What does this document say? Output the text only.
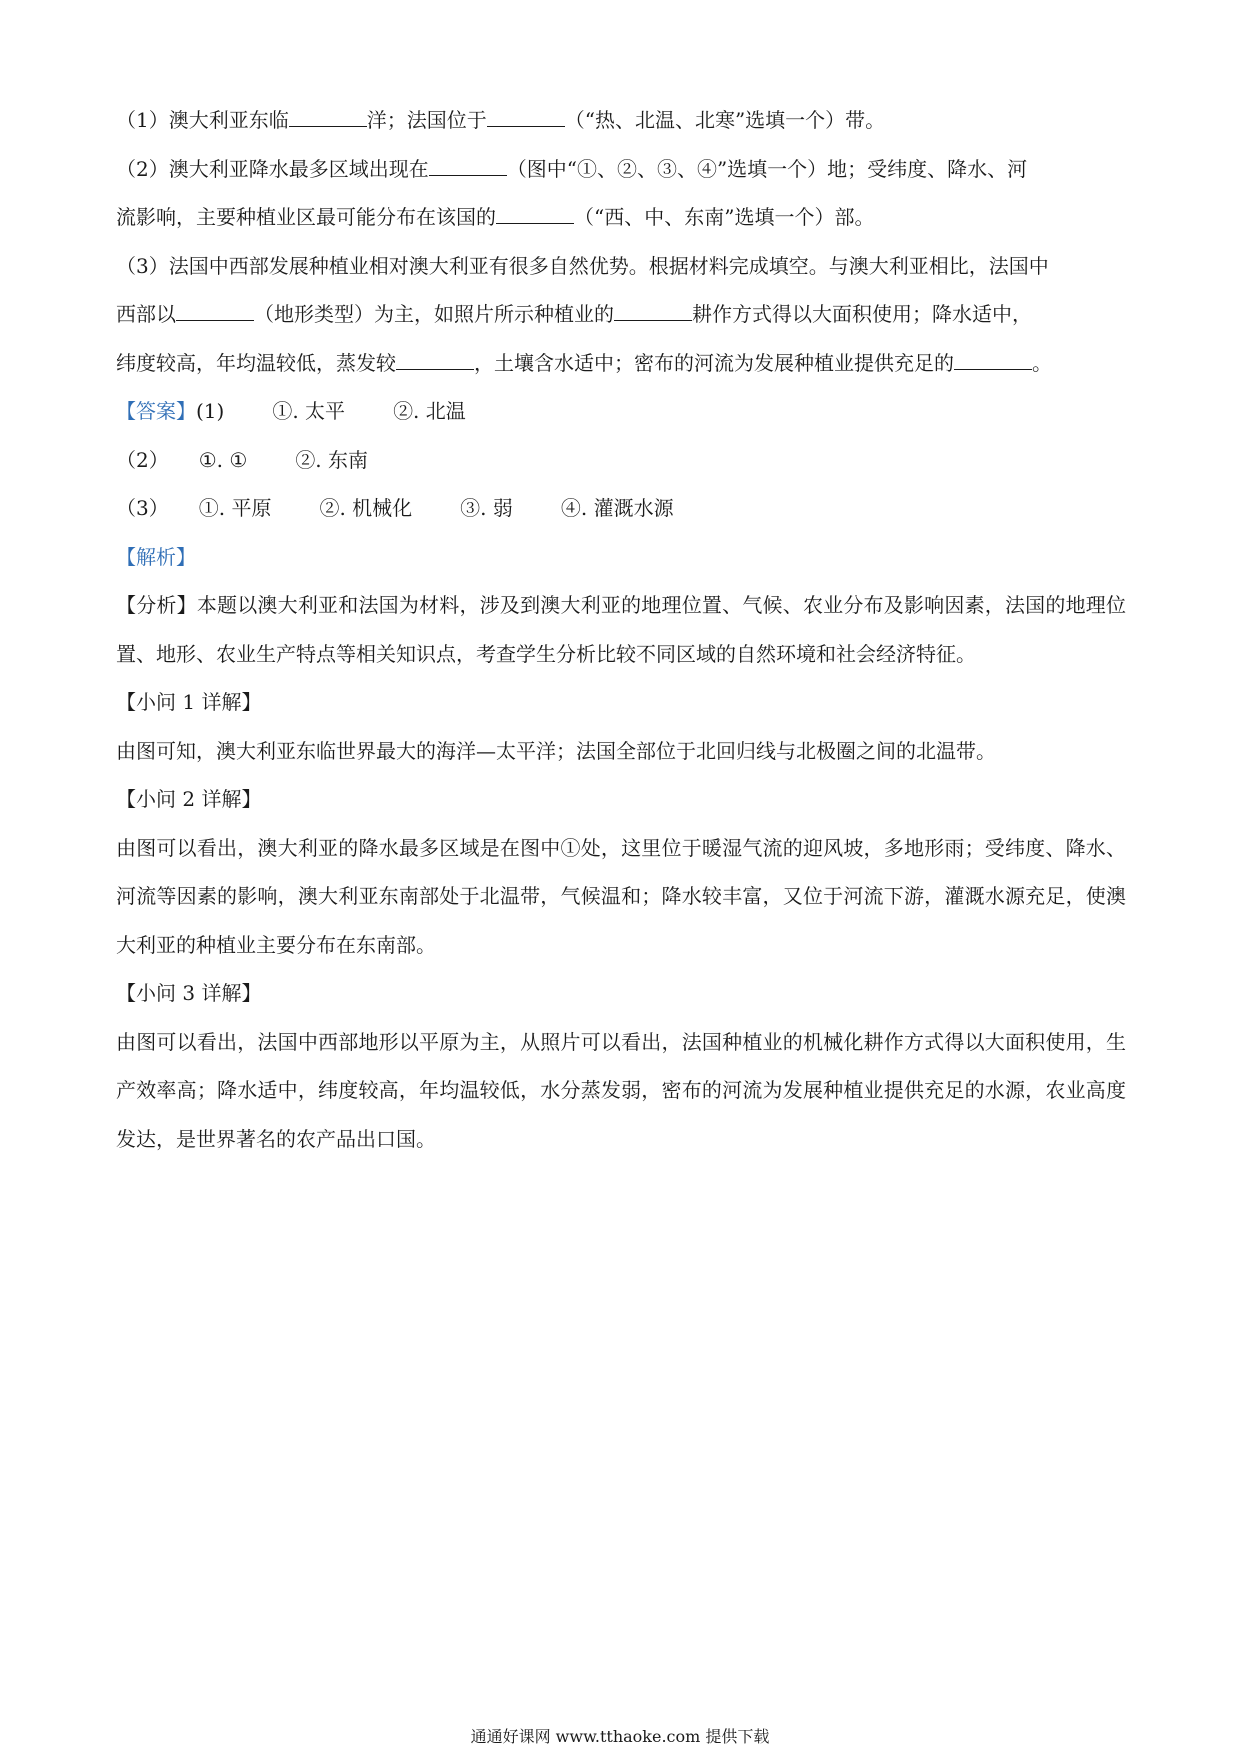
（1）澳大利亚东临	洋；法国位于	（“热、北温、北寒”选填一个）带。

（2）澳大利亚降水最多区域出现在	（图中“①、②、③、④”选填一个）地；受纬度、降水、河

流影响，主要种植业区最可能分布在该国的	（“西、中、东南”选填一个）部。

（3）法国中西部发展种植业相对澳大利亚有很多自然优势。根据材料完成填空。与澳大利亚相比，法国中

西部以	（地形类型）为主，如照片所示种植业的	耕作方式得以大面积使用；降水适中，

纬度较高，年均温较低，蒸发较	，土壤含水适中；密布的河流为发展种植业提供充足的	。

【答案】(1) ①. 太平 ②. 北温

（2） ①. ① ②. 东南

（3） ①. 平原 ②. 机械化 ③. 弱 ④. 灌溉水源

【解析】

【分析】本题以澳大利亚和法国为材料，涉及到澳大利亚的地理位置、气候、农业分布及影响因素，法国的地理位置、地形、农业生产特点等相关知识点，考查学生分析比较不同区域的自然环境和社会经济特征。

【小问 1 详解】

由图可知，澳大利亚东临世界最大的海洋—太平洋；法国全部位于北回归线与北极圈之间的北温带。

【小问 2 详解】

由图可以看出，澳大利亚的降水最多区域是在图中①处，这里位于暖湿气流的迎风坡，多地形雨；受纬度、降水、河流等因素的影响，澳大利亚东南部处于北温带，气候温和；降水较丰富，又位于河流下游，灌溉水源充足，使澳大利亚的种植业主要分布在东南部。

【小问 3 详解】

由图可以看出，法国中西部地形以平原为主，从照片可以看出，法国种植业的机械化耕作方式得以大面积使用，生产效率高；降水适中，纬度较高，年均温较低，水分蒸发弱，密布的河流为发展种植业提供充足的水源，农业高度发达，是世界著名的农产品出口国。

通通好课网 www.tthaoke.com 提供下载
